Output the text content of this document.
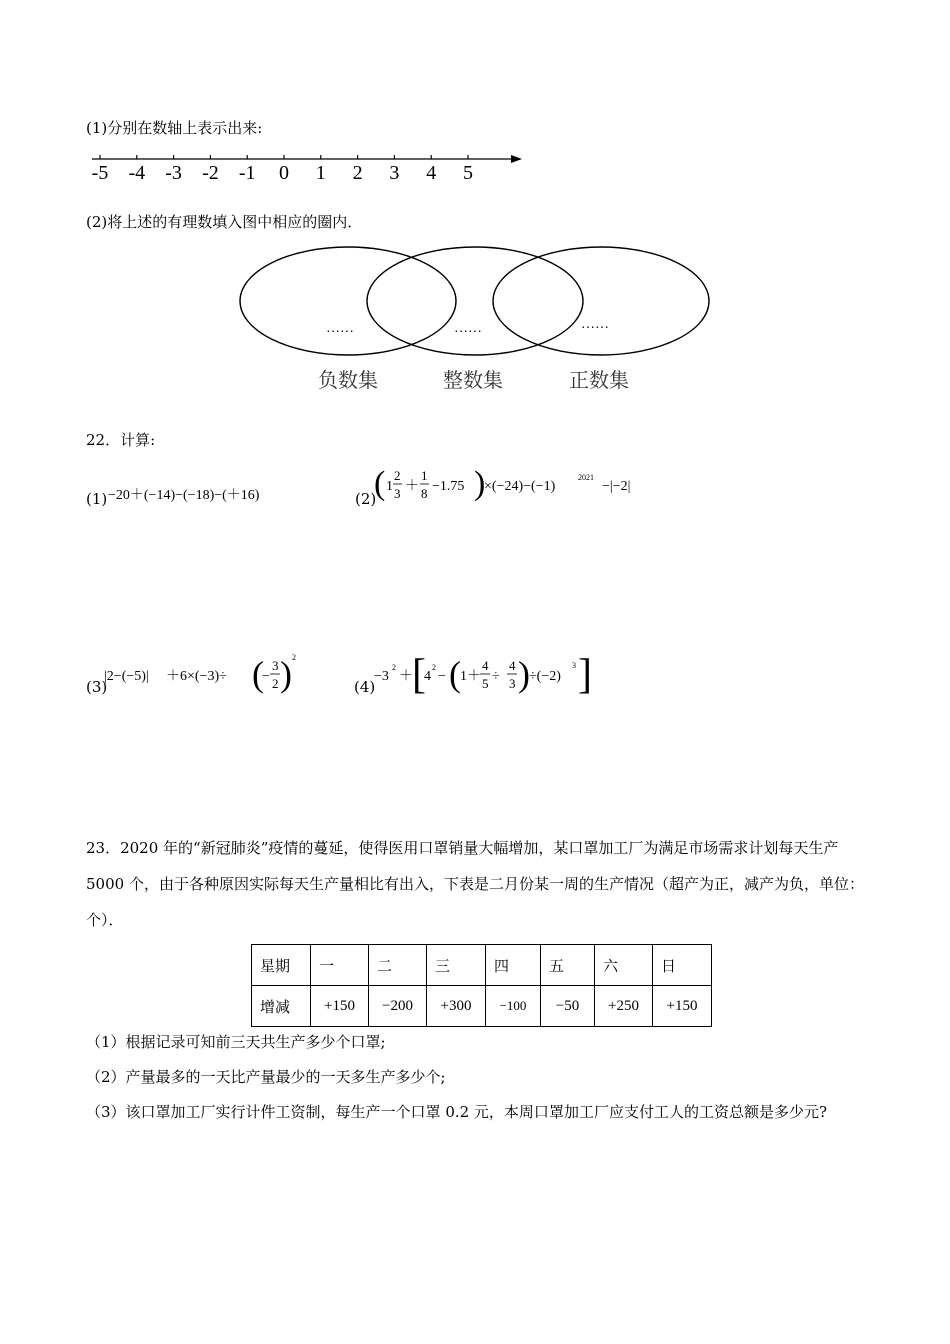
(1)分别在数轴上表示出来:
-5 -4 -3 -2 -1 0 1 2 3 4 5
(2)将上述的有理数填入图中相应的圈内．
……	……	……
负数集	整数集	正数集
22．计算:
(1) −20＋(−14)−(−18)−(＋16)	(2)
( 1
2
3 ＋
1
8 −1.75 )
×(−24)−(−1)
2021
−|−2|
(3)
|2−(−5)| ＋6×(−3)÷ (
−
3
2 ) 2
(4)
−3
2
＋ [
4
2
− ( 1＋
4
5 ÷
4
3 ) ÷(−2)
3 ]
23．2020 年的“新冠肺炎”疫情的蔓延，使得医用口罩销量大幅增加，某口罩加工厂为满足市场需求计划每天生产 5000 个，由于各种原因实际每天生产量相比有出入，下表是二月份某一周的生产情况（超产为正，减产为负，单位：个）．
星期	一	二	三	四	五	六	日
增减	+150	−200	+300	−100	−50	+250	+150
（1）根据记录可知前三天共生产多少个口罩;
（2）产量最多的一天比产量最少的一天多生产多少个;
（3）该口罩加工厂实行计件工资制，每生产一个口罩 0.2 元，本周口罩加工厂应支付工人的工资总额是多少元?
